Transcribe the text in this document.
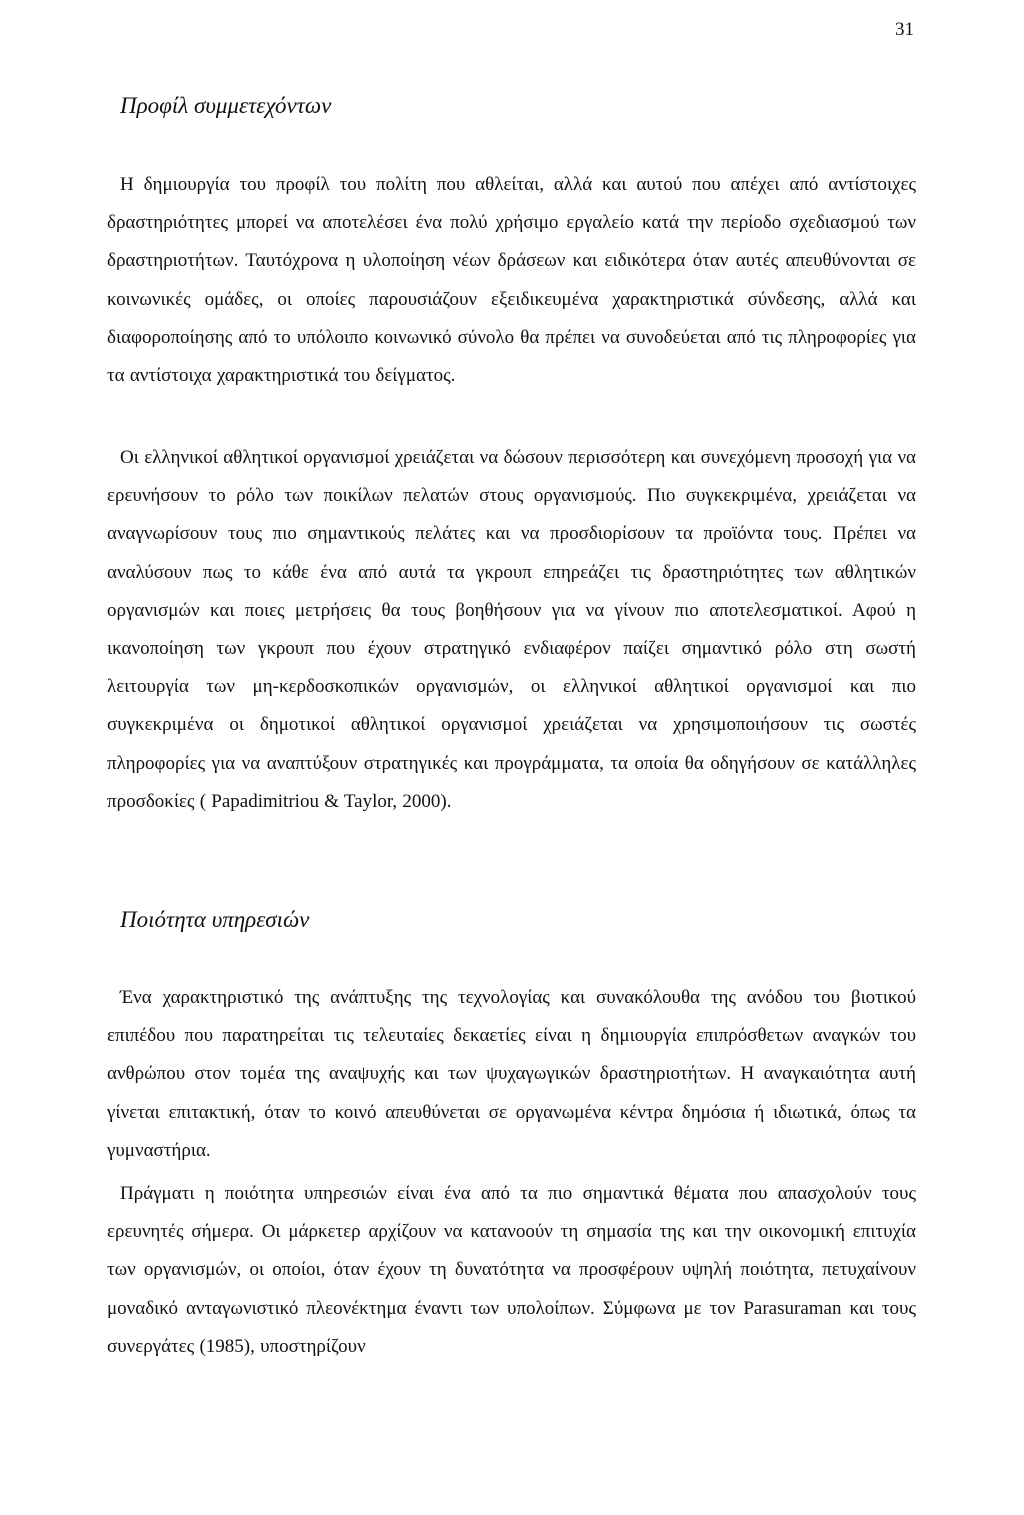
31
Προφίλ συμμετεχόντων

Η δημιουργία του προφίλ του πολίτη που αθλείται, αλλά και αυτού που απέχει από αντίστοιχες δραστηριότητες μπορεί να αποτελέσει ένα πολύ χρήσιμο εργαλείο κατά την περίοδο σχεδιασμού των δραστηριοτήτων. Ταυτόχρονα η υλοποίηση νέων δράσεων και ειδικότερα όταν αυτές απευθύνονται σε κοινωνικές ομάδες, οι οποίες παρουσιάζουν εξειδικευμένα χαρακτηριστικά σύνδεσης, αλλά και διαφοροποίησης από το υπόλοιπο κοινωνικό σύνολο θα πρέπει να συνοδεύεται από τις πληροφορίες για τα αντίστοιχα χαρακτηριστικά του δείγματος.

Οι ελληνικοί αθλητικοί οργανισμοί χρειάζεται να δώσουν περισσότερη και συνεχόμενη προσοχή για να ερευνήσουν το ρόλο των ποικίλων πελατών στους οργανισμούς. Πιο συγκεκριμένα, χρειάζεται να αναγνωρίσουν τους πιο σημαντικούς πελάτες και να προσδιορίσουν τα προϊόντα τους. Πρέπει να αναλύσουν πως το κάθε ένα από αυτά τα γκρουπ επηρεάζει τις δραστηριότητες των αθλητικών οργανισμών και ποιες μετρήσεις θα τους βοηθήσουν για να γίνουν πιο αποτελεσματικοί. Αφού η ικανοποίηση των γκρουπ που έχουν στρατηγικό ενδιαφέρον παίζει σημαντικό ρόλο στη σωστή λειτουργία των μη-κερδοσκοπικών οργανισμών, οι ελληνικοί αθλητικοί οργανισμοί και πιο συγκεκριμένα οι δημοτικοί αθλητικοί οργανισμοί χρειάζεται να χρησιμοποιήσουν τις σωστές πληροφορίες για να αναπτύξουν στρατηγικές και προγράμματα, τα οποία θα οδηγήσουν σε κατάλληλες προσδοκίες ( Papadimitriou & Taylor, 2000).

Ποιότητα υπηρεσιών

Ένα χαρακτηριστικό της ανάπτυξης της τεχνολογίας και συνακόλουθα της ανόδου του βιοτικού επιπέδου που παρατηρείται τις τελευταίες δεκαετίες είναι η δημιουργία επιπρόσθετων αναγκών του ανθρώπου στον τομέα της αναψυχής και των ψυχαγωγικών δραστηριοτήτων. Η αναγκαιότητα αυτή γίνεται επιτακτική, όταν το κοινό απευθύνεται σε οργανωμένα κέντρα δημόσια ή ιδιωτικά, όπως τα γυμναστήρια.

Πράγματι η ποιότητα υπηρεσιών είναι ένα από τα πιο σημαντικά θέματα που απασχολούν τους ερευνητές σήμερα. Οι μάρκετερ αρχίζουν να κατανοούν τη σημασία της και την οικονομική επιτυχία των οργανισμών, οι οποίοι, όταν έχουν τη δυνατότητα να προσφέρουν υψηλή ποιότητα, πετυχαίνουν μοναδικό ανταγωνιστικό πλεονέκτημα έναντι των υπολοίπων. Σύμφωνα με τον Parasuraman και τους συνεργάτες (1985), υποστηρίζουν
